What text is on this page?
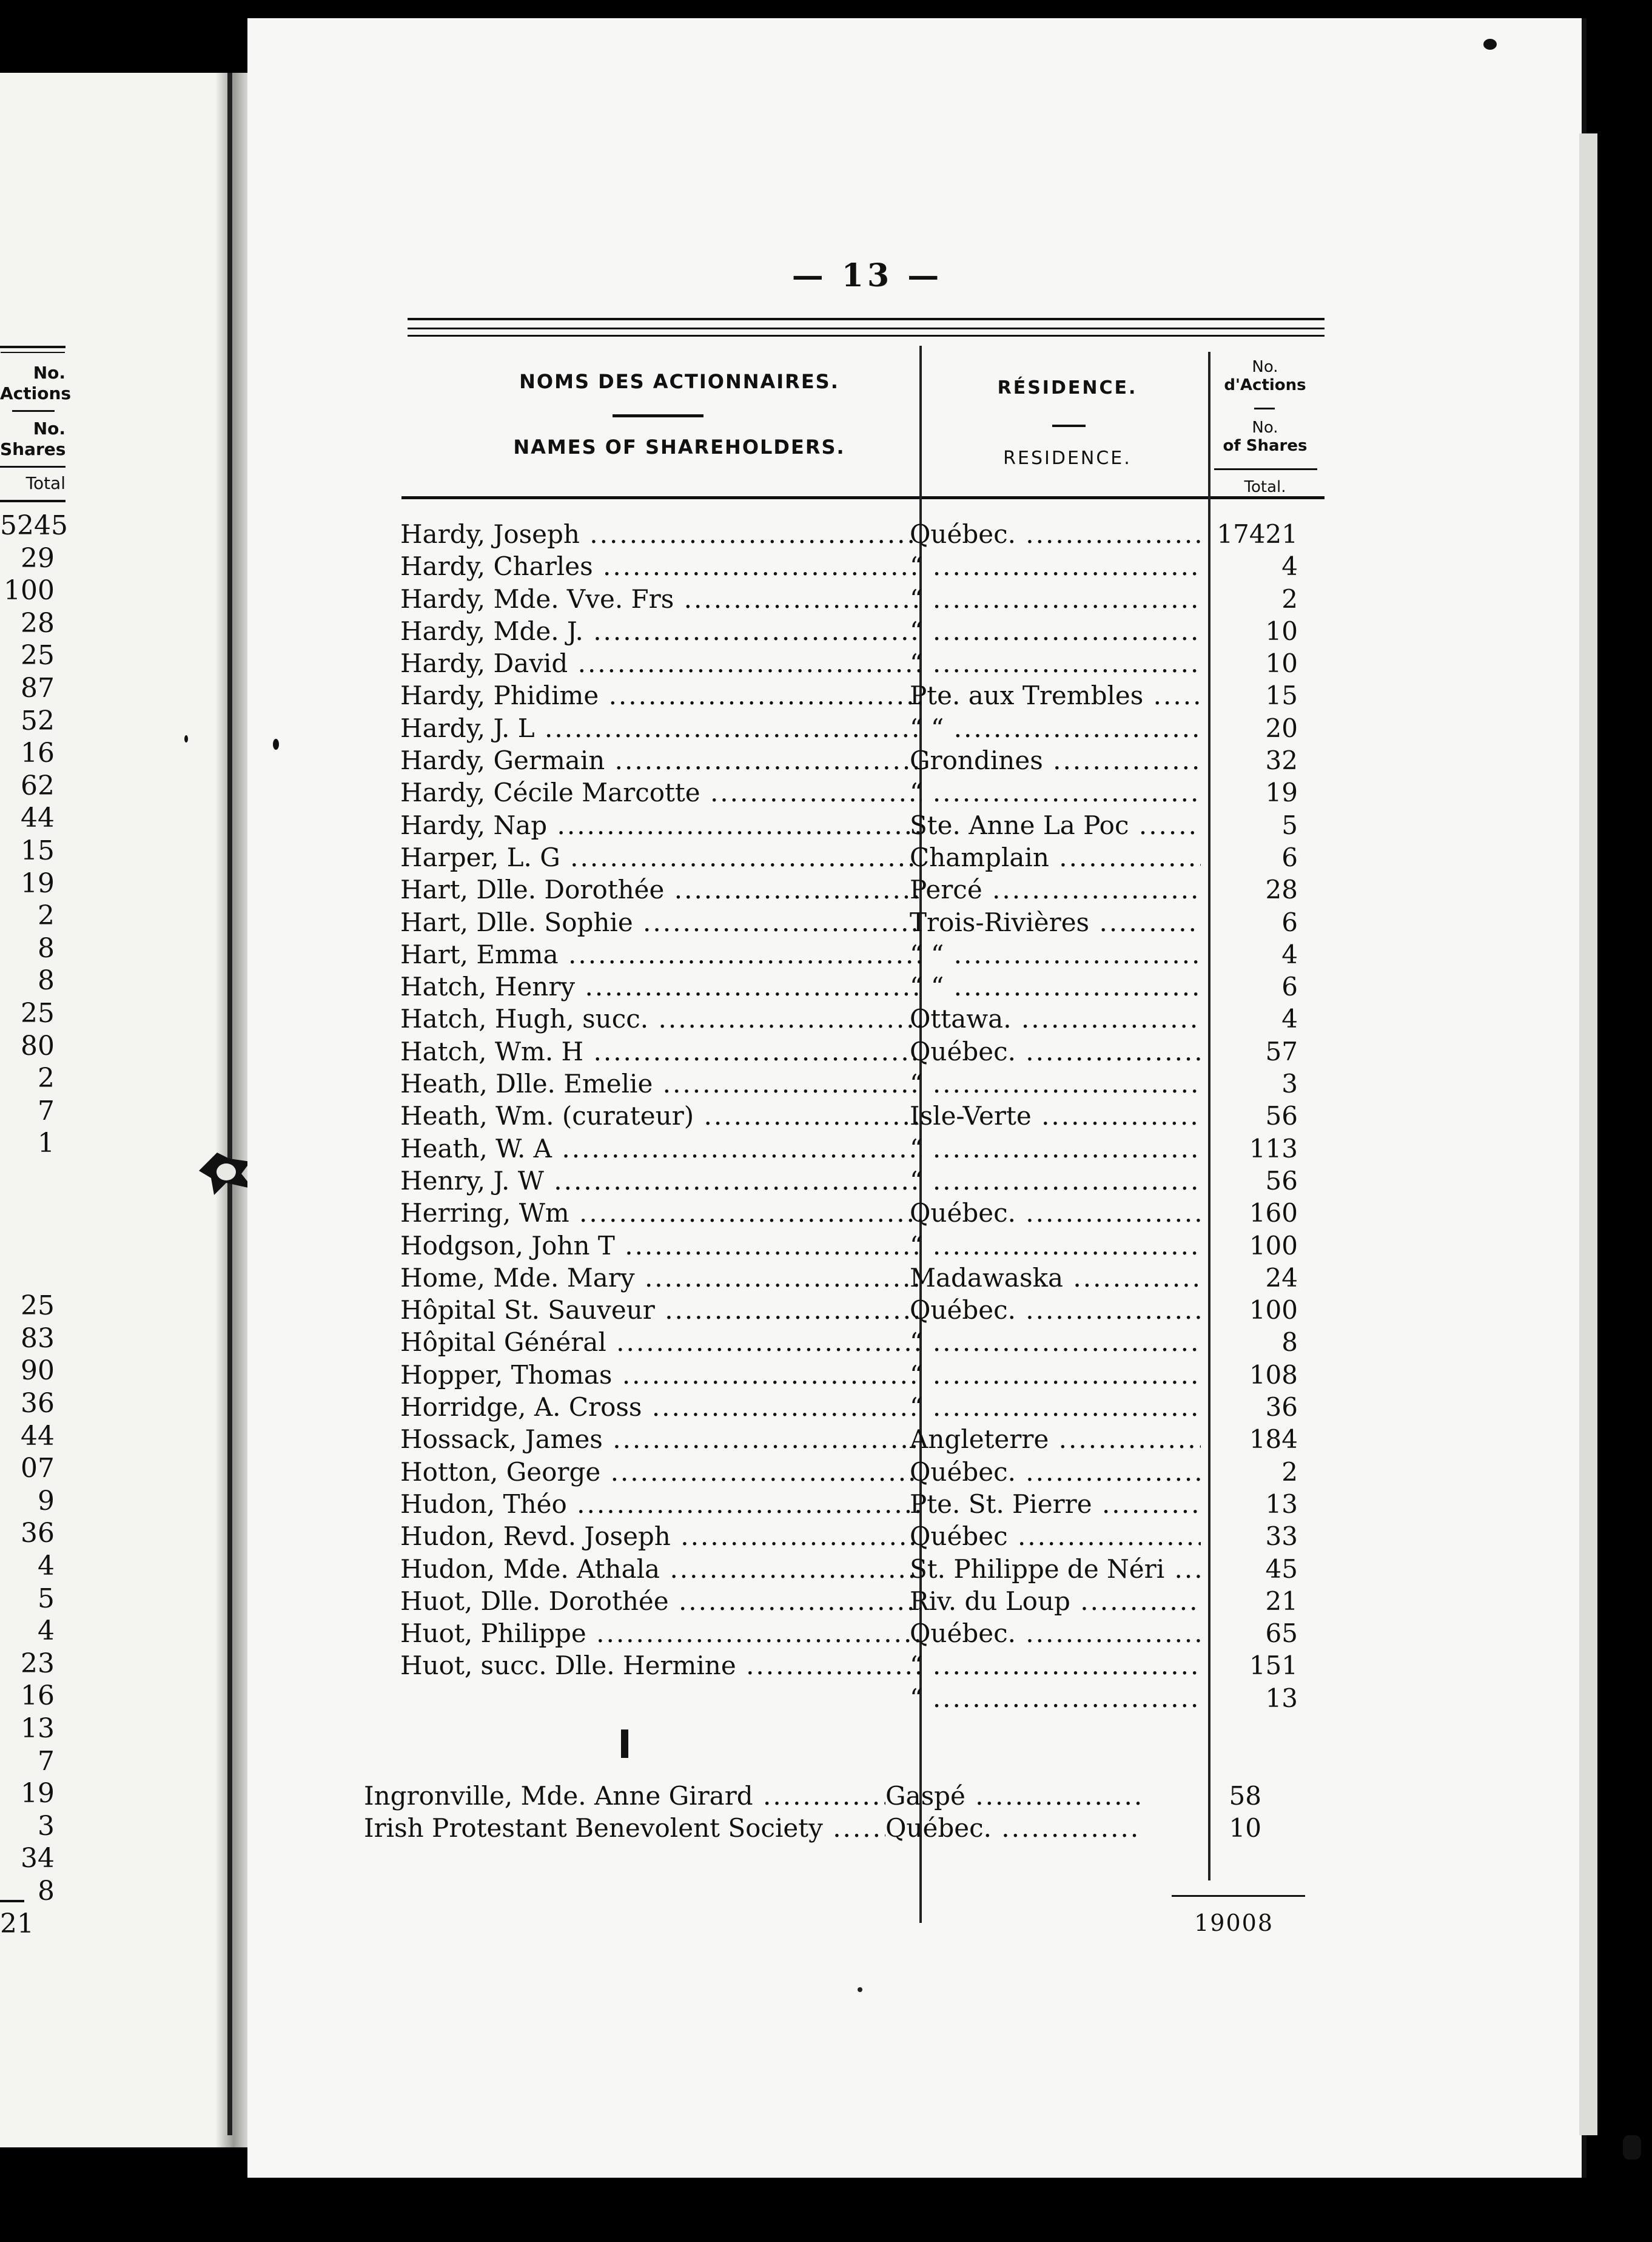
No.
Actions
No.
Shares
Total
5245
29
100
28
25
87
52
16
62
44
15
19
2
8
8
25
80
2
7
1
25
83
90
36
44
07
9
36
4
5
4
23
16
13
7
19
3
34
8
21
— 13 —
NOMS DES ACTIONNAIRES.
NAMES OF SHAREHOLDERS.
RÉSIDENCE.
RESIDENCE.
No.
d'Actions
No.
of Shares
Total.
Hardy, Joseph .....	Québec. .....	17421
Hardy, Charles .....	“ .....	4
Hardy, Mde. Vve. Frs .....	“ .....	2
Hardy, Mde. J. .....	“ .....	10
Hardy, David .....	“ .....	10
Hardy, Phidime .....	Pte. aux Trembles .....	15
Hardy, J. L .....	“ “ .....	20
Hardy, Germain .....	Grondines .....	32
Hardy, Cécile Marcotte .....	“ .....	19
Hardy, Nap .....	Ste. Anne La Poc .....	5
Harper, L. G .....	Champlain .....	6
Hart, Dlle. Dorothée .....	Percé .....	28
Hart, Dlle. Sophie .....	Trois-Rivières .....	6
Hart, Emma .....	“ “ .....	4
Hatch, Henry .....	“ “ .....	6
Hatch, Hugh, succ. .....	Ottawa. .....	4
Hatch, Wm. H .....	Québec. .....	57
Heath, Dlle. Emelie .....	“ .....	3
Heath, Wm. (curateur) .....	Isle-Verte .....	56
Heath, W. A .....	“ .....	113
Henry, J. W .....	“ .....	56
Herring, Wm .....	Québec. .....	160
Hodgson, John T .....	“ .....	100
Home, Mde. Mary .....	Madawaska .....	24
Hôpital St. Sauveur .....	Québec. .....	100
Hôpital Général .....	“ .....	8
Hopper, Thomas .....	“ .....	108
Horridge, A. Cross .....	“ .....	36
Hossack, James .....	Angleterre .....	184
Hotton, George .....	Québec. .....	2
Hudon, Théo .....	Pte. St. Pierre .....	13
Hudon, Revd. Joseph .....	Québec .....	33
Hudon, Mde. Athala .....	St. Philippe de Néri .....	45
Huot, Dlle. Dorothée .....	Riv. du Loup .....	21
Huot, Philippe .....	Québec. .....	65
Huot, succ. Dlle. Hermine .....	“ .....	151
“ .....	13
I
Ingronville, Mde. Anne Girard .....	Gaspé .....	58
Irish Protestant Benevolent Society .....	Québec. .....	10
19008
